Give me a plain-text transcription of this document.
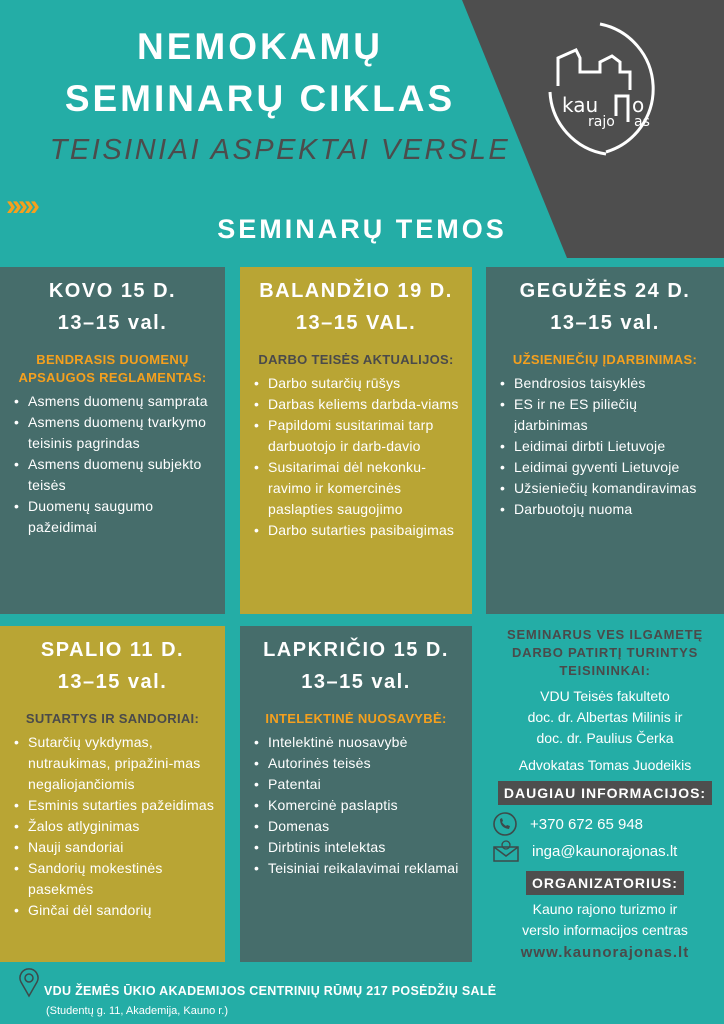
kau o
rajo as
NEMOKAMŲ
SEMINARŲ CIKLAS
TEISINIAI ASPEKTAI VERSLE
›››››
SEMINARŲ TEMOS
KOVO 15 D.
13–15 val.
BENDRASIS DUOMENŲ APSAUGOS REGLAMENTAS:
• Asmens duomenų samprata
• Asmens duomenų tvarkymo teisinis pagrindas
• Asmens duomenų subjekto teisės
• Duomenų saugumo pažeidimai
BALANDŽIO 19 D.
13–15 VAL.
DARBO TEISĖS AKTUALIJOS:
• Darbo sutarčių rūšys
• Darbas keliems darbda-viams
• Papildomi susitarimai tarp darbuotojo ir darb-davio
• Susitarimai dėl nekonku-ravimo ir komercinės paslapties saugojimo
• Darbo sutarties pasibaigimas
GEGUŽĖS 24 D.
13–15 val.
UŽSIENIEČIŲ ĮDARBINIMAS:
• Bendrosios taisyklės
• ES ir ne ES piliečių įdarbinimas
• Leidimai dirbti Lietuvoje
• Leidimai gyventi Lietuvoje
• Užsieniečių komandiravimas
• Darbuotojų nuoma
SPALIO 11 D.
13–15 val.
SUTARTYS IR SANDORIAI:
• Sutarčių vykdymas, nutraukimas, pripažini-mas negaliojančiomis
• Esminis sutarties pažeidimas
• Žalos atlyginimas
• Nauji sandoriai
• Sandorių mokestinės pasekmės
• Ginčai dėl sandorių
LAPKRIČIO 15 D.
13–15 val.
INTELEKTINĖ NUOSAVYBĖ:
• Intelektinė nuosavybė
• Autorinės teisės
• Patentai
• Komercinė paslaptis
• Domenas
• Dirbtinis intelektas
• Teisiniai reikalavimai reklamai
SEMINARUS VES ILGAMETĘ DARBO PATIRTĮ TURINTYS TEISININKAI:
VDU Teisės fakulteto
doc. dr. Albertas Milinis ir
doc. dr. Paulius Čerka
Advokatas Tomas Juodeikis
DAUGIAU INFORMACIJOS:
+370 672 65 948
inga@kaunorajonas.lt
ORGANIZATORIUS:
Kauno rajono turizmo ir
verslo informacijos centras
www.kaunorajonas.lt
VDU ŽEMĖS ŪKIO AKADEMIJOS CENTRINIŲ RŪMŲ 217 POSĖDŽIŲ SALĖ
(Studentų g. 11, Akademija, Kauno r.)
